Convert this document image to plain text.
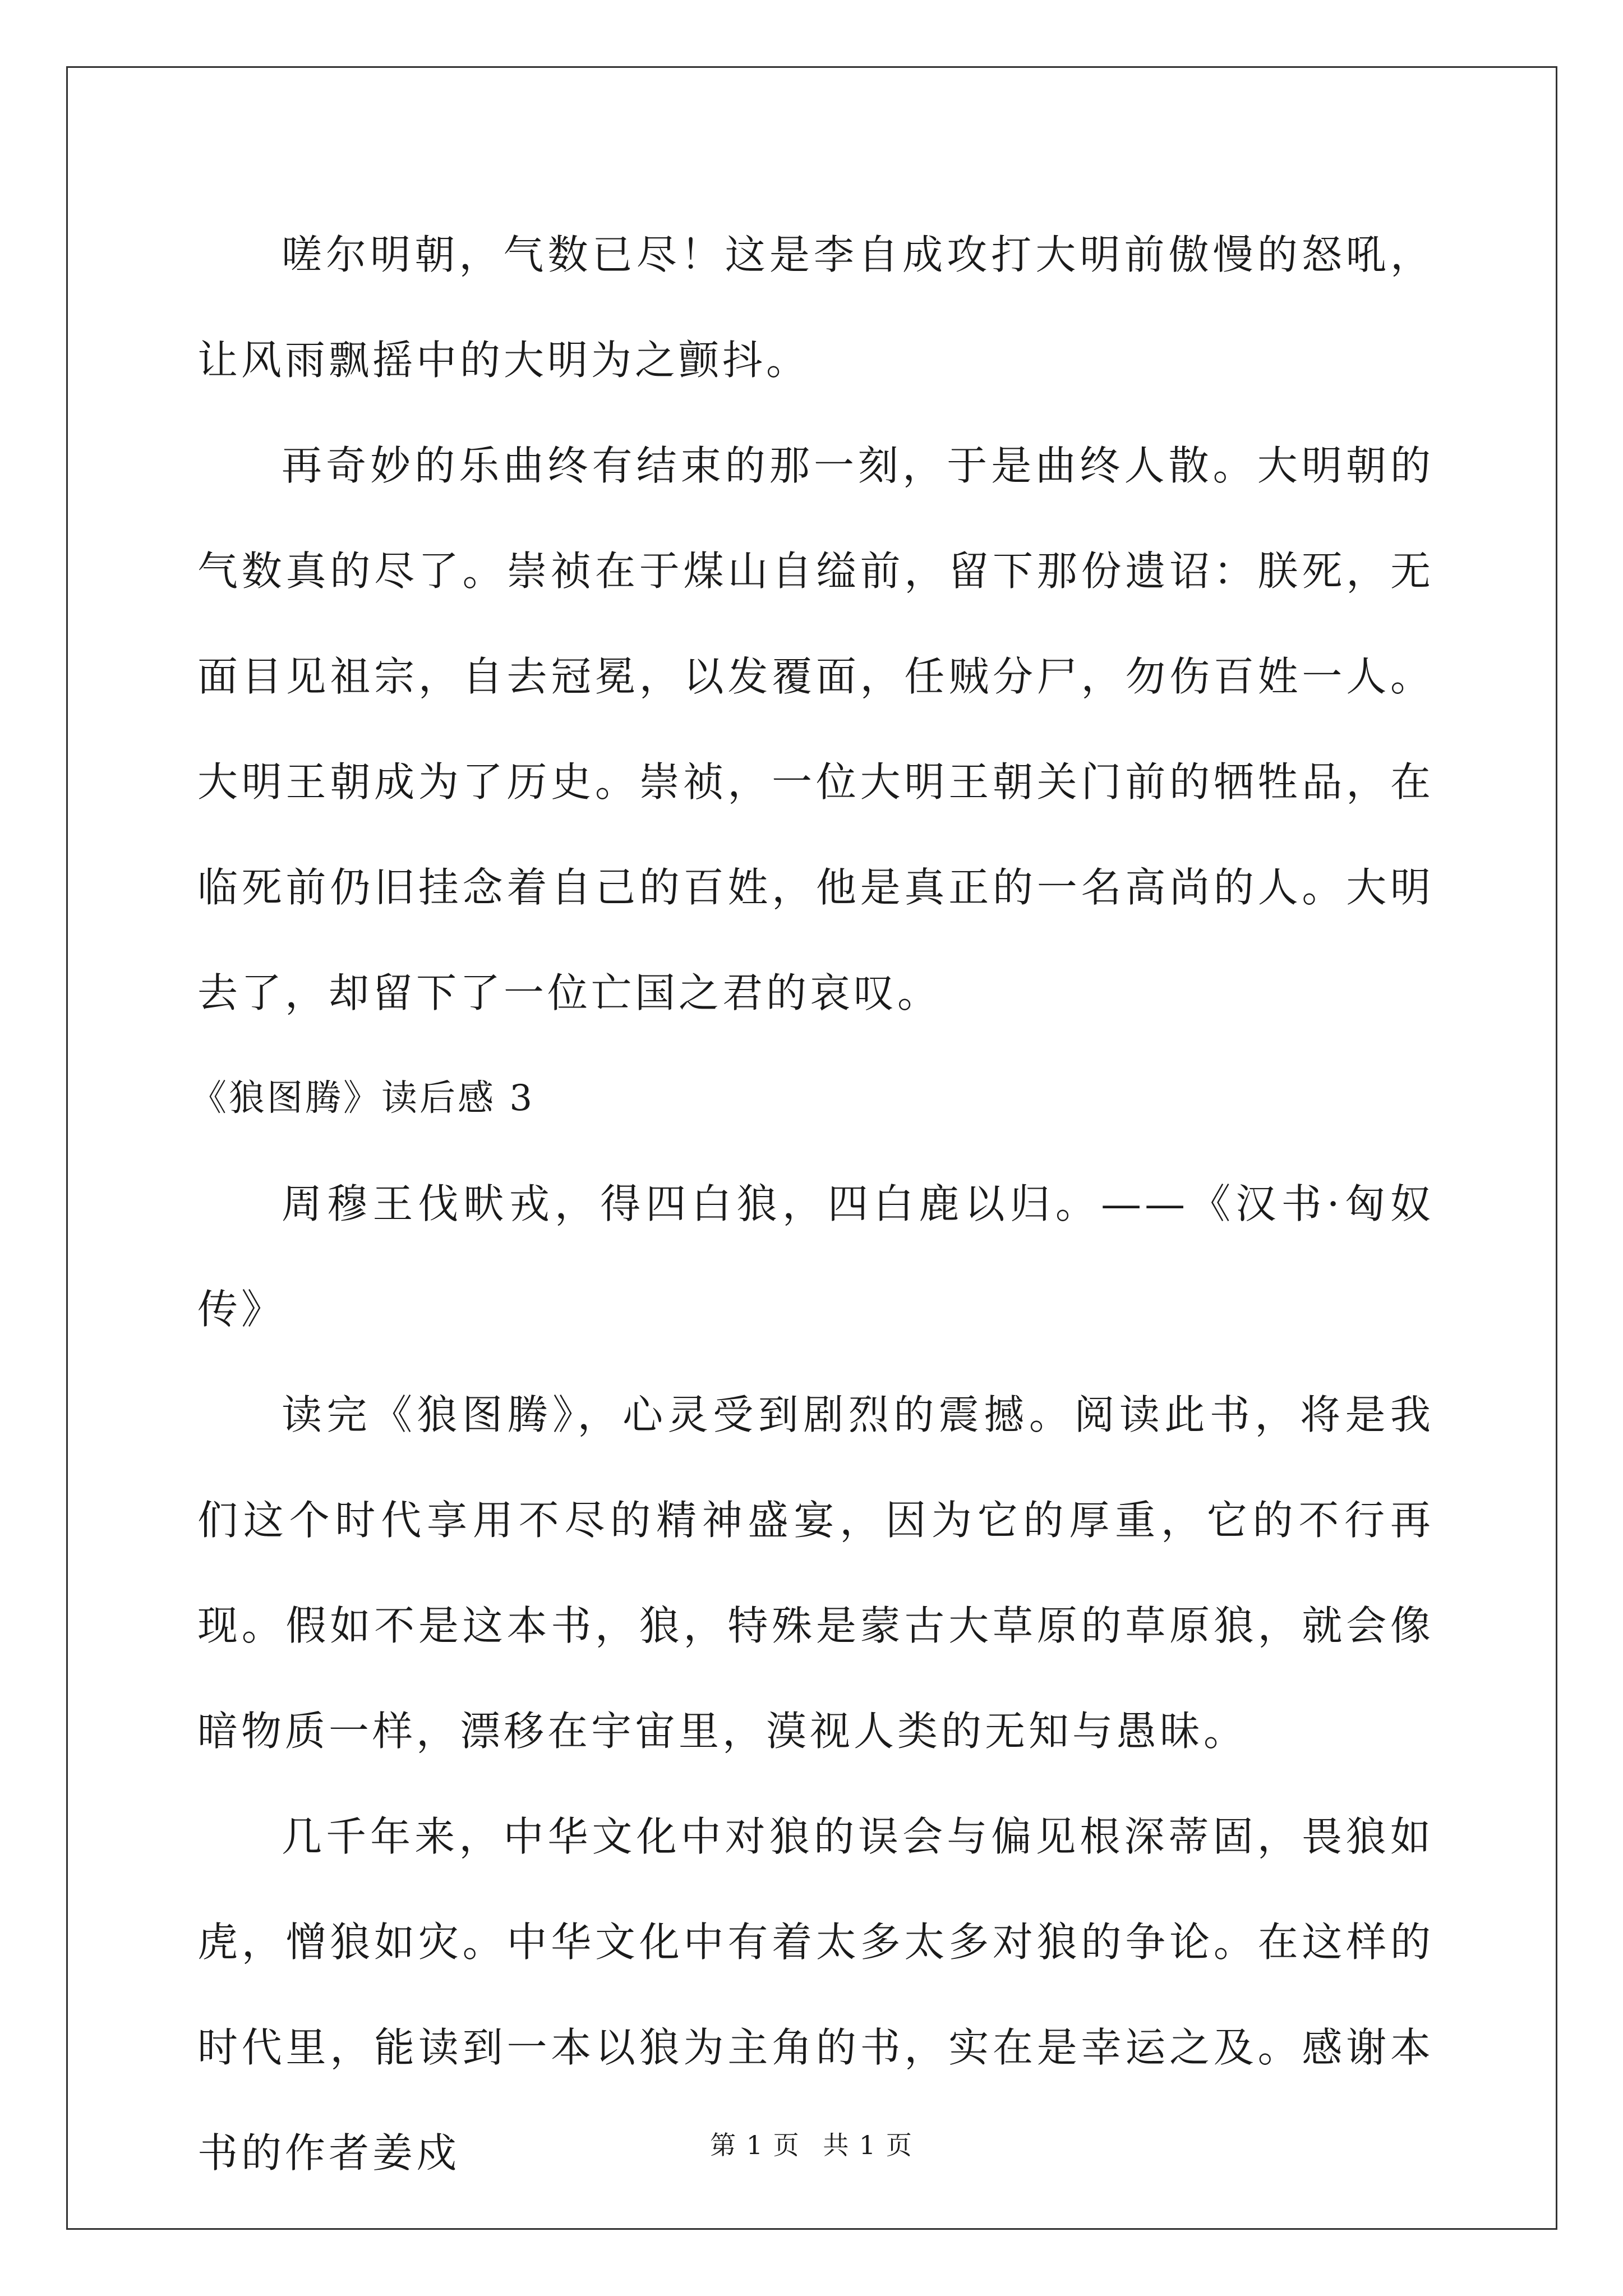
嗟尔明朝，气数已尽！这是李自成攻打大明前傲慢的怒吼，让风雨飘摇中的大明为之颤抖。

再奇妙的乐曲终有结束的那一刻，于是曲终人散。大明朝的气数真的尽了。崇祯在于煤山自缢前，留下那份遗诏：朕死，无面目见祖宗，自去冠冕，以发覆面，任贼分尸，勿伤百姓一人。大明王朝成为了历史。崇祯，一位大明王朝关门前的牺牲品，在临死前仍旧挂念着自己的百姓，他是真正的一名高尚的人。大明去了，却留下了一位亡国之君的哀叹。

《狼图腾》读后感 3

周穆王伐畎戎，得四白狼，四白鹿以归。——《汉书·匈奴传》

读完《狼图腾》，心灵受到剧烈的震撼。阅读此书，将是我们这个时代享用不尽的精神盛宴，因为它的厚重，它的不行再现。假如不是这本书，狼，特殊是蒙古大草原的草原狼，就会像暗物质一样，漂移在宇宙里，漠视人类的无知与愚昧。

几千年来，中华文化中对狼的误会与偏见根深蒂固，畏狼如虎，憎狼如灾。中华文化中有着太多太多对狼的争论。在这样的时代里，能读到一本以狼为主角的书，实在是幸运之及。感谢本书的作者姜戍	第 1 页 共 1 页
